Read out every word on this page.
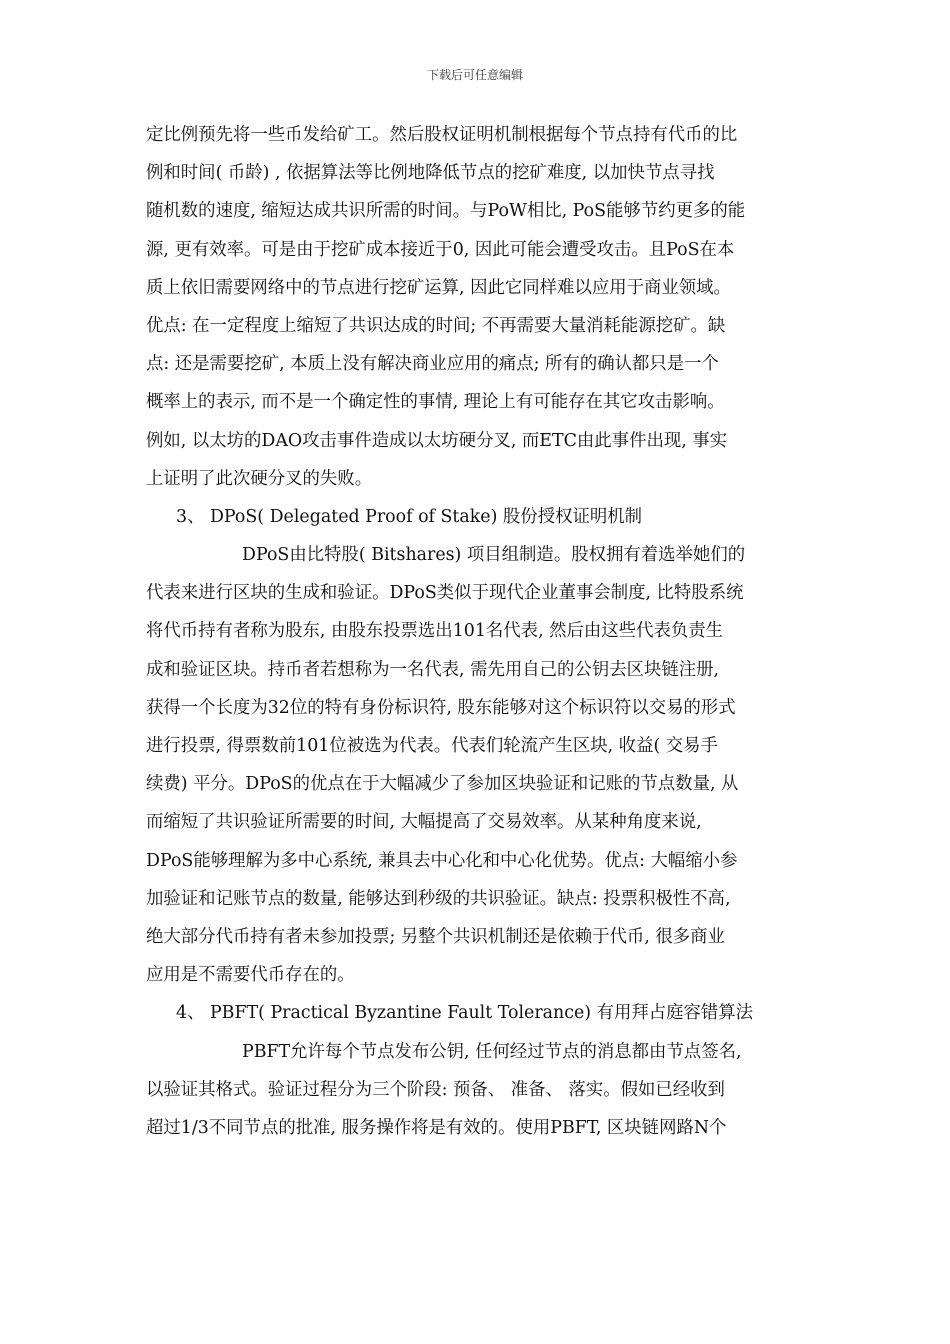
下载后可任意编辑
定比例预先将一些币发给矿工。然后股权证明机制根据每个节点持有代币的比
例和时间( 币龄) , 依据算法等比例地降低节点的挖矿难度, 以加快节点寻找
随机数的速度, 缩短达成共识所需的时间。与PoW相比, PoS能够节约更多的能
源, 更有效率。可是由于挖矿成本接近于0, 因此可能会遭受攻击。且PoS在本
质上依旧需要网络中的节点进行挖矿运算, 因此它同样难以应用于商业领域。
优点: 在一定程度上缩短了共识达成的时间; 不再需要大量消耗能源挖矿。缺
点: 还是需要挖矿, 本质上没有解决商业应用的痛点; 所有的确认都只是一个
概率上的表示, 而不是一个确定性的事情, 理论上有可能存在其它攻击影响。
例如, 以太坊的DAO攻击事件造成以太坊硬分叉, 而ETC由此事件出现, 事实
上证明了此次硬分叉的失败。
3、 DPoS( Delegated Proof of Stake) 股份授权证明机制
DPoS由比特股( Bitshares) 项目组制造。股权拥有着选举她们的
代表来进行区块的生成和验证。DPoS类似于现代企业董事会制度, 比特股系统
将代币持有者称为股东, 由股东投票选出101名代表, 然后由这些代表负责生
成和验证区块。持币者若想称为一名代表, 需先用自己的公钥去区块链注册,
获得一个长度为32位的特有身份标识符, 股东能够对这个标识符以交易的形式
进行投票, 得票数前101位被选为代表。代表们轮流产生区块, 收益( 交易手
续费) 平分。DPoS的优点在于大幅减少了参加区块验证和记账的节点数量, 从
而缩短了共识验证所需要的时间, 大幅提高了交易效率。从某种角度来说,
DPoS能够理解为多中心系统, 兼具去中心化和中心化优势。优点: 大幅缩小参
加验证和记账节点的数量, 能够达到秒级的共识验证。缺点: 投票积极性不高,
绝大部分代币持有者未参加投票; 另整个共识机制还是依赖于代币, 很多商业
应用是不需要代币存在的。
4、 PBFT( Practical Byzantine Fault Tolerance) 有用拜占庭容错算法
PBFT允许每个节点发布公钥, 任何经过节点的消息都由节点签名,
以验证其格式。验证过程分为三个阶段: 预备、 准备、 落实。假如已经收到
超过1/3不同节点的批准, 服务操作将是有效的。使用PBFT, 区块链网路N个
